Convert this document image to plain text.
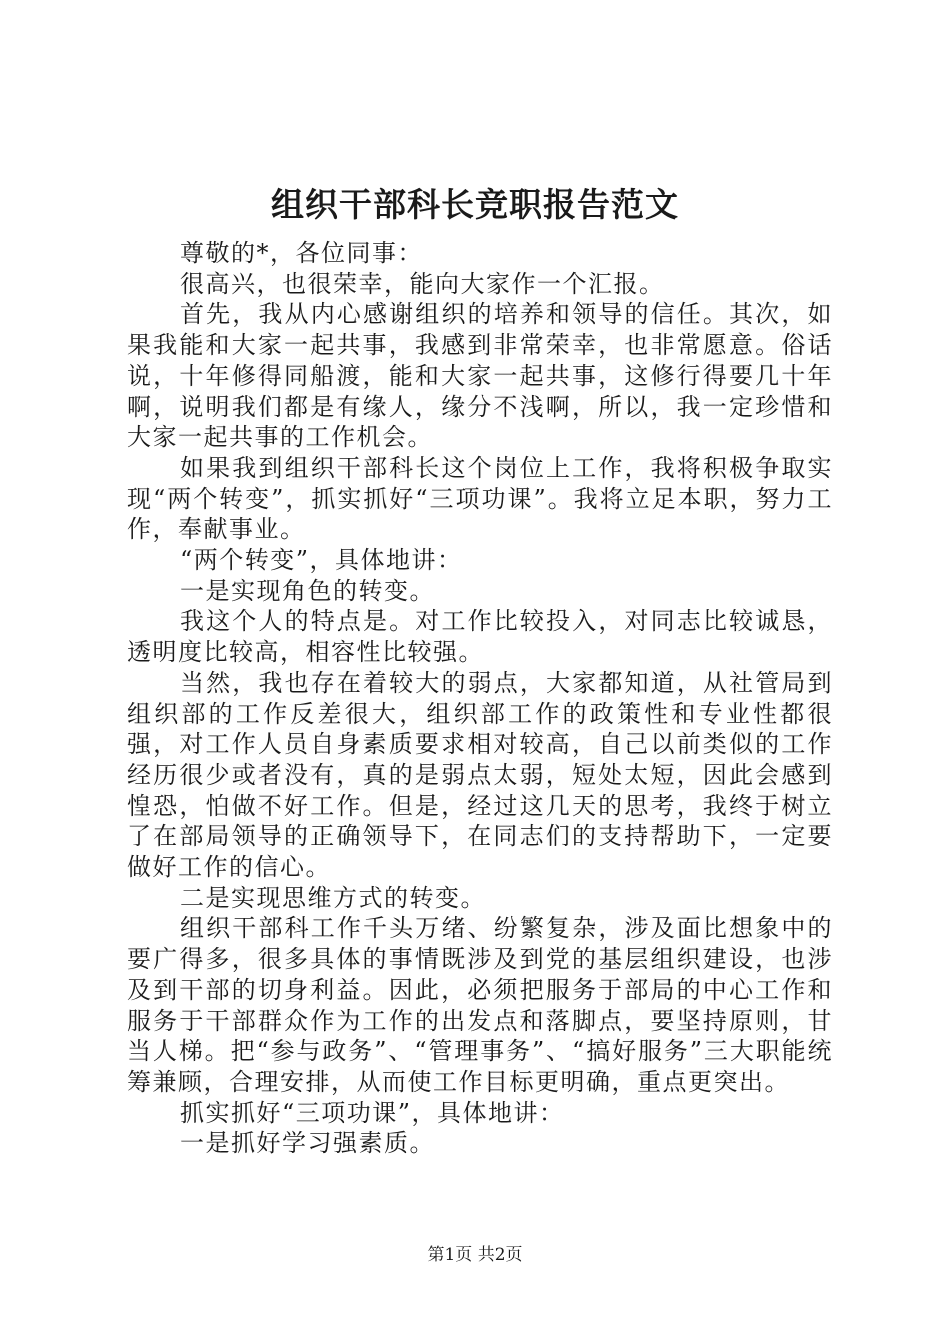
组织干部科长竞职报告范文

尊敬的*，各位同事：

很高兴，也很荣幸，能向大家作一个汇报。

首先，我从内心感谢组织的培养和领导的信任。其次，如果我能和大家一起共事，我感到非常荣幸，也非常愿意。俗话说，十年修得同船渡，能和大家一起共事，这修行得要几十年啊，说明我们都是有缘人，缘分不浅啊，所以，我一定珍惜和大家一起共事的工作机会。

如果我到组织干部科长这个岗位上工作，我将积极争取实现“两个转变”，抓实抓好“三项功课”。我将立足本职，努力工作，奉献事业。

“两个转变”，具体地讲：

一是实现角色的转变。

我这个人的特点是。对工作比较投入，对同志比较诚恳，透明度比较高，相容性比较强。

当然，我也存在着较大的弱点，大家都知道，从社管局到组织部的工作反差很大，组织部工作的政策性和专业性都很强，对工作人员自身素质要求相对较高，自己以前类似的工作经历很少或者没有，真的是弱点太弱，短处太短，因此会感到惶恐，怕做不好工作。但是，经过这几天的思考，我终于树立了在部局领导的正确领导下，在同志们的支持帮助下，一定要做好工作的信心。

二是实现思维方式的转变。

组织干部科工作千头万绪、纷繁复杂，涉及面比想象中的要广得多，很多具体的事情既涉及到党的基层组织建设，也涉及到干部的切身利益。因此，必须把服务于部局的中心工作和服务于干部群众作为工作的出发点和落脚点，要坚持原则，甘当人梯。把“参与政务”、“管理事务”、“搞好服务”三大职能统筹兼顾，合理安排，从而使工作目标更明确，重点更突出。

抓实抓好“三项功课”，具体地讲：

一是抓好学习强素质。

第1页 共2页
